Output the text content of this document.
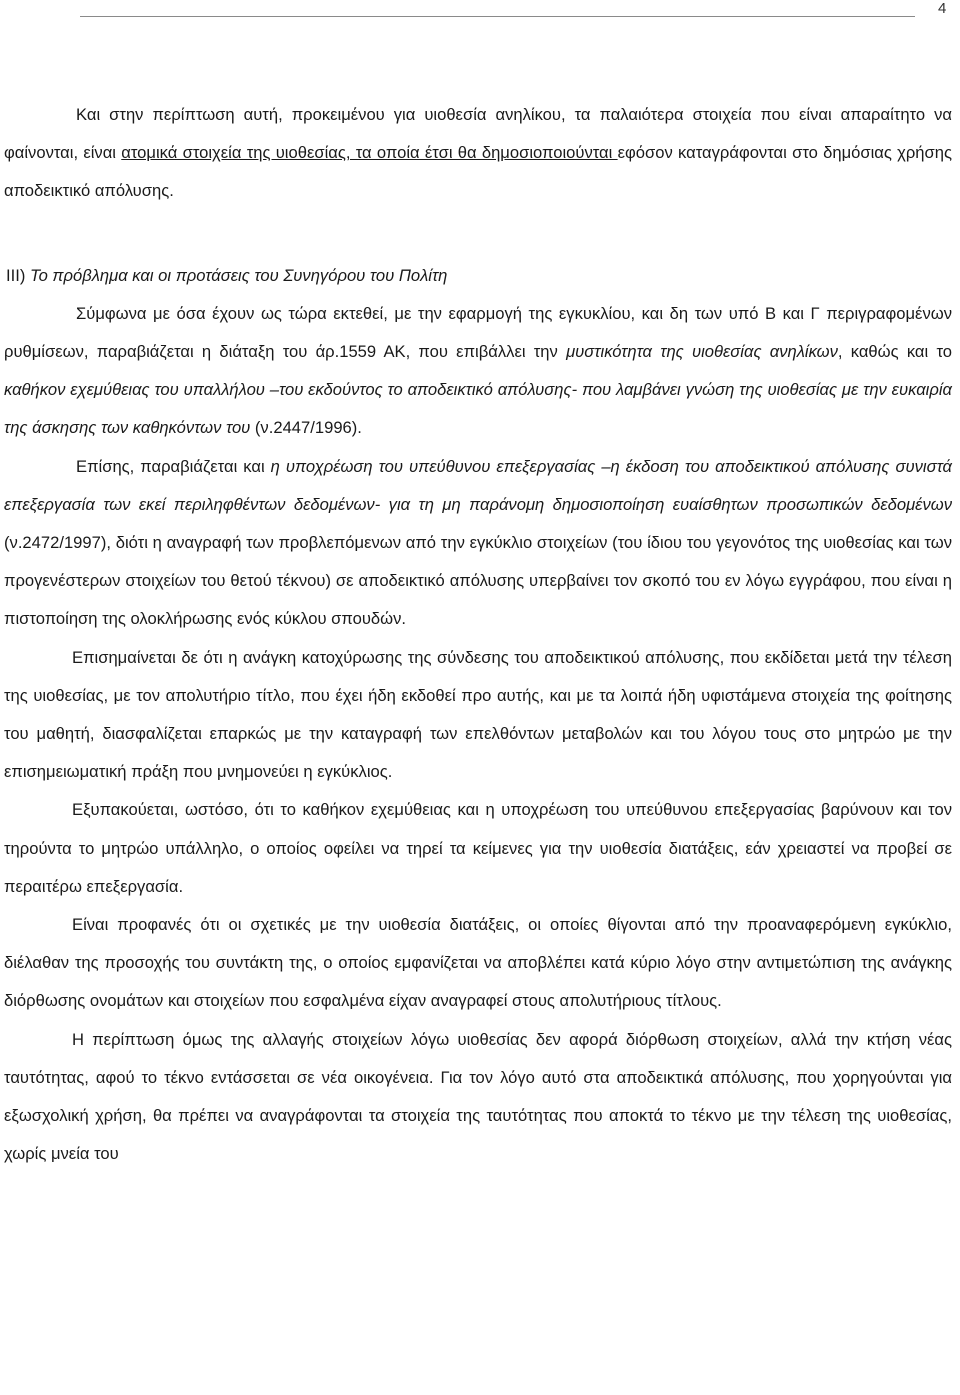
4

Και στην περίπτωση αυτή, προκειμένου για υιοθεσία ανηλίκου, τα παλαιότερα στοιχεία που είναι απαραίτητο να φαίνονται, είναι ατομικά στοιχεία της υιοθεσίας, τα οποία έτσι θα δημοσιοποιούνται εφόσον καταγράφονται στο δημόσιας χρήσης αποδεικτικό απόλυσης.

ΙΙΙ) Το πρόβλημα και οι προτάσεις του Συνηγόρου του Πολίτη

Σύμφωνα με όσα έχουν ως τώρα εκτεθεί, με την εφαρμογή της εγκυκλίου, και δη των υπό Β και Γ περιγραφομένων ρυθμίσεων, παραβιάζεται η διάταξη του άρ.1559 ΑΚ, που επιβάλλει την μυστικότητα της υιοθεσίας ανηλίκων, καθώς και το καθήκον εχεμύθειας του υπαλλήλου –του εκδούντος το αποδεικτικό απόλυσης- που λαμβάνει γνώση της υιοθεσίας με την ευκαιρία της άσκησης των καθηκόντων του (ν.2447/1996).

Επίσης, παραβιάζεται και η υποχρέωση του υπεύθυνου επεξεργασίας –η έκδοση του αποδεικτικού απόλυσης συνιστά επεξεργασία των εκεί περιληφθέντων δεδομένων- για τη μη παράνομη δημοσιοποίηση ευαίσθητων προσωπικών δεδομένων (ν.2472/1997), διότι η αναγραφή των προβλεπόμενων από την εγκύκλιο στοιχείων (του ίδιου του γεγονότος της υιοθεσίας και των προγενέστερων στοιχείων του θετού τέκνου) σε αποδεικτικό απόλυσης υπερβαίνει τον σκοπό του εν λόγω εγγράφου, που είναι η πιστοποίηση της ολοκλήρωσης ενός κύκλου σπουδών.

Επισημαίνεται δε ότι η ανάγκη κατοχύρωσης της σύνδεσης του αποδεικτικού απόλυσης, που εκδίδεται μετά την τέλεση της υιοθεσίας, με τον απολυτήριο τίτλο, που έχει ήδη εκδοθεί προ αυτής, και με τα λοιπά ήδη υφιστάμενα στοιχεία της φοίτησης του μαθητή, διασφαλίζεται επαρκώς με την καταγραφή των επελθόντων μεταβολών και του λόγου τους στο μητρώο με την επισημειωματική πράξη που μνημονεύει η εγκύκλιος.

Εξυπακούεται, ωστόσο, ότι το καθήκον εχεμύθειας και η υποχρέωση του υπεύθυνου επεξεργασίας βαρύνουν και τον τηρούντα το μητρώο υπάλληλο, ο οποίος οφείλει να τηρεί τα κείμενες για την υιοθεσία διατάξεις, εάν χρειαστεί να προβεί σε περαιτέρω επεξεργασία.

Είναι προφανές ότι οι σχετικές με την υιοθεσία διατάξεις, οι οποίες θίγονται από την προαναφερόμενη εγκύκλιο, διέλαθαν της προσοχής του συντάκτη της, ο οποίος εμφανίζεται να αποβλέπει κατά κύριο λόγο στην αντιμετώπιση της ανάγκης διόρθωσης ονομάτων και στοιχείων που εσφαλμένα είχαν αναγραφεί στους απολυτήριους τίτλους.

Η περίπτωση όμως της αλλαγής στοιχείων λόγω υιοθεσίας δεν αφορά διόρθωση στοιχείων, αλλά την κτήση νέας ταυτότητας, αφού το τέκνο εντάσσεται σε νέα οικογένεια. Για τον λόγο αυτό στα αποδεικτικά απόλυσης, που χορηγούνται για εξωσχολική χρήση, θα πρέπει να αναγράφονται τα στοιχεία της ταυτότητας που αποκτά το τέκνο με την τέλεση της υιοθεσίας, χωρίς μνεία του
